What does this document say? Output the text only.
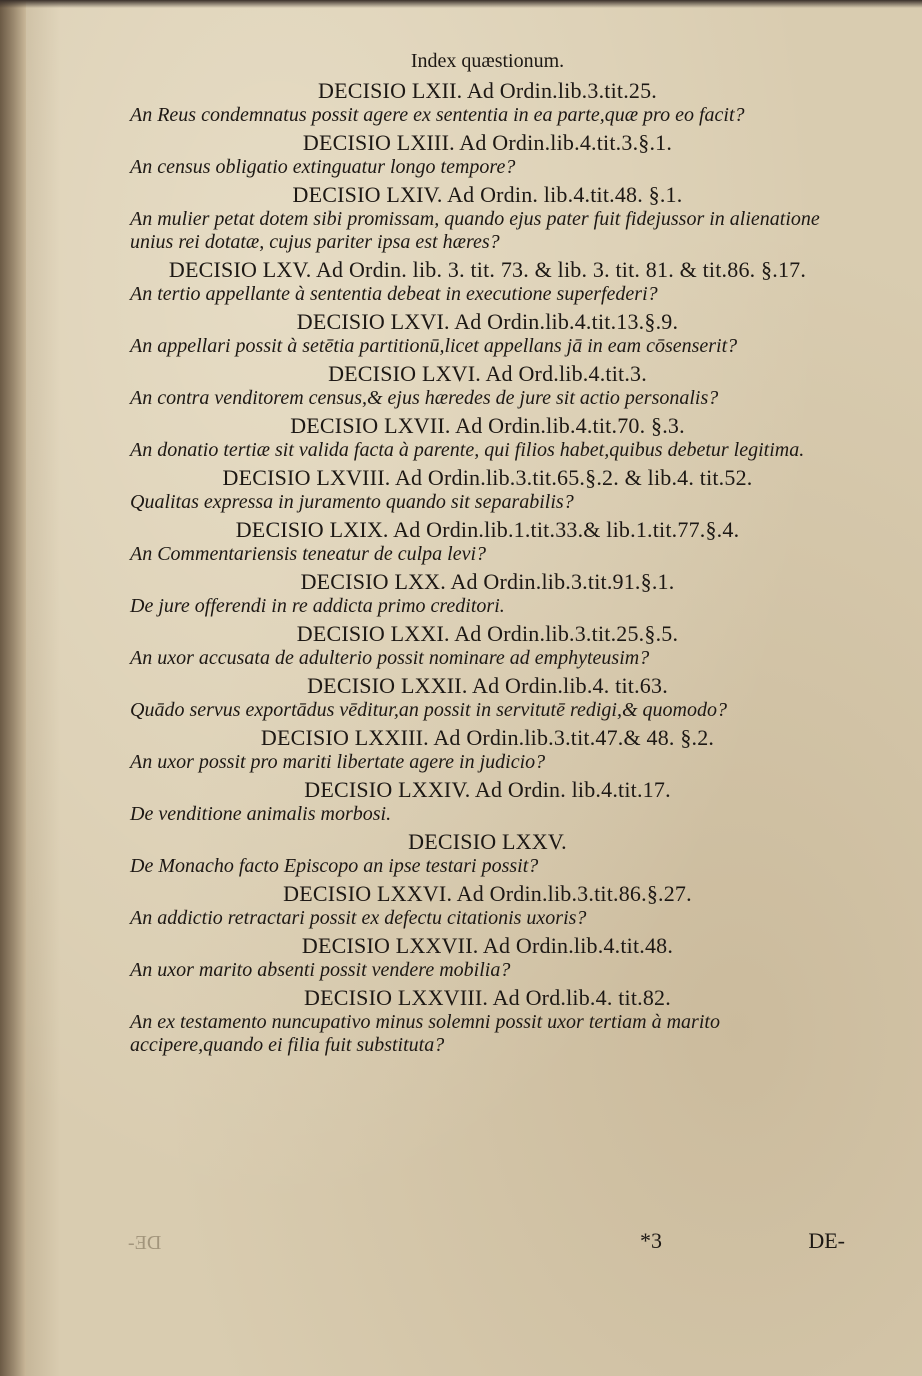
Index quæstionum.
DECISIO LXII. Ad Ordin.lib.3.tit.25.
An Reus condemnatus possit agere ex sententia in ea parte,quæ pro eo facit?
DECISIO LXIII. Ad Ordin.lib.4.tit.3.§.1.
An census obligatio extinguatur longo tempore?
DECISIO LXIV. Ad Ordin. lib.4.tit.48. §.1.
An mulier petat dotem sibi promissam, quando ejus pater fuit fidejussor in alienatione unius rei dotatæ, cujus pariter ipsa est hæres?
DECISIO LXV. Ad Ordin. lib. 3. tit. 73. & lib. 3. tit. 81. & tit.86. §.17.
An tertio appellante à sententia debeat in executione superfederi?
DECISIO LXVI. Ad Ordin.lib.4.tit.13.§.9.
An appellari possit à setētia partitionū,licet appellans jā in eam cōsenserit?
DECISIO LXVI. Ad Ord.lib.4.tit.3.
An contra venditorem census,& ejus hæredes de jure sit actio personalis?
DECISIO LXVII. Ad Ordin.lib.4.tit.70. §.3.
An donatio tertiæ sit valida facta à parente, qui filios habet,quibus debetur legitima.
DECISIO LXVIII. Ad Ordin.lib.3.tit.65.§.2. & lib.4. tit.52.
Qualitas expressa in juramento quando sit separabilis?
DECISIO LXIX. Ad Ordin.lib.1.tit.33.& lib.1.tit.77.§.4.
An Commentariensis teneatur de culpa levi?
DECISIO LXX. Ad Ordin.lib.3.tit.91.§.1.
De jure offerendi in re addicta primo creditori.
DECISIO LXXI. Ad Ordin.lib.3.tit.25.§.5.
An uxor accusata de adulterio possit nominare ad emphyteusim?
DECISIO LXXII. Ad Ordin.lib.4. tit.63.
Quādo servus exportādus vēditur,an possit in servitutē redigi,& quomodo?
DECISIO LXXIII. Ad Ordin.lib.3.tit.47.& 48. §.2.
An uxor possit pro mariti libertate agere in judicio?
DECISIO LXXIV. Ad Ordin. lib.4.tit.17.
De venditione animalis morbosi.
DECISIO LXXV.
De Monacho facto Episcopo an ipse testari possit?
DECISIO LXXVI. Ad Ordin.lib.3.tit.86.§.27.
An addictio retractari possit ex defectu citationis uxoris?
DECISIO LXXVII. Ad Ordin.lib.4.tit.48.
An uxor marito absenti possit vendere mobilia?
DECISIO LXXVIII. Ad Ord.lib.4. tit.82.
An ex testamento nuncupativo minus solemni possit uxor tertiam à marito accipere,quando ei filia fuit substituta?
DE-	*3	DE-
